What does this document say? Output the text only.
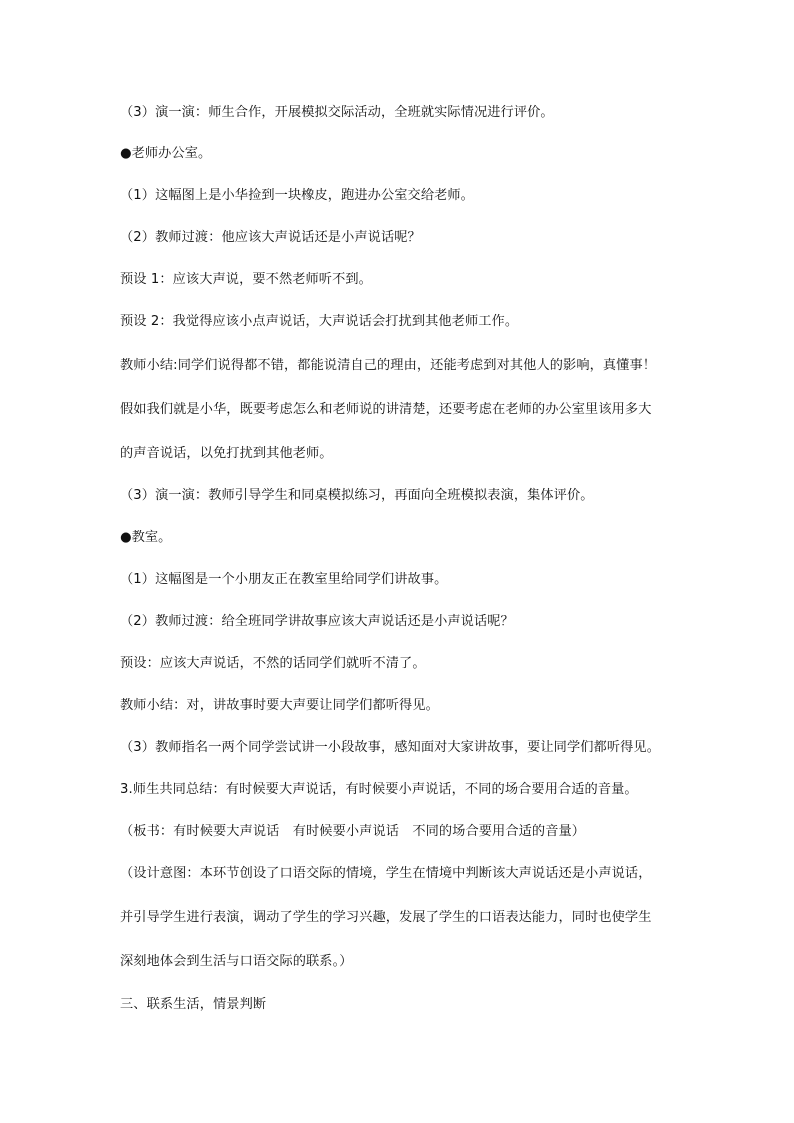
（3）演一演：师生合作，开展模拟交际活动，全班就实际情况进行评价。
●老师办公室。
（1）这幅图上是小华捡到一块橡皮，跑进办公室交给老师。
（2）教师过渡：他应该大声说话还是小声说话呢？
预设 1：应该大声说，要不然老师听不到。
预设 2：我觉得应该小点声说话，大声说话会打扰到其他老师工作。
教师小结:同学们说得都不错，都能说清自己的理由，还能考虑到对其他人的影响，真懂事！
假如我们就是小华，既要考虑怎么和老师说的讲清楚，还要考虑在老师的办公室里该用多大
的声音说话，以免打扰到其他老师。
（3）演一演：教师引导学生和同桌模拟练习，再面向全班模拟表演，集体评价。
●教室。
（1）这幅图是一个小朋友正在教室里给同学们讲故事。
（2）教师过渡：给全班同学讲故事应该大声说话还是小声说话呢？
预设：应该大声说话，不然的话同学们就听不清了。
教师小结：对，讲故事时要大声要让同学们都听得见。
（3）教师指名一两个同学尝试讲一小段故事，感知面对大家讲故事，要让同学们都听得见。
3.师生共同总结：有时候要大声说话，有时候要小声说话，不同的场合要用合适的音量。
（板书：有时候要大声说话　有时候要小声说话　不同的场合要用合适的音量）
（设计意图：本环节创设了口语交际的情境，学生在情境中判断该大声说话还是小声说话，
并引导学生进行表演，调动了学生的学习兴趣，发展了学生的口语表达能力，同时也使学生
深刻地体会到生活与口语交际的联系。）
三、联系生活，情景判断
